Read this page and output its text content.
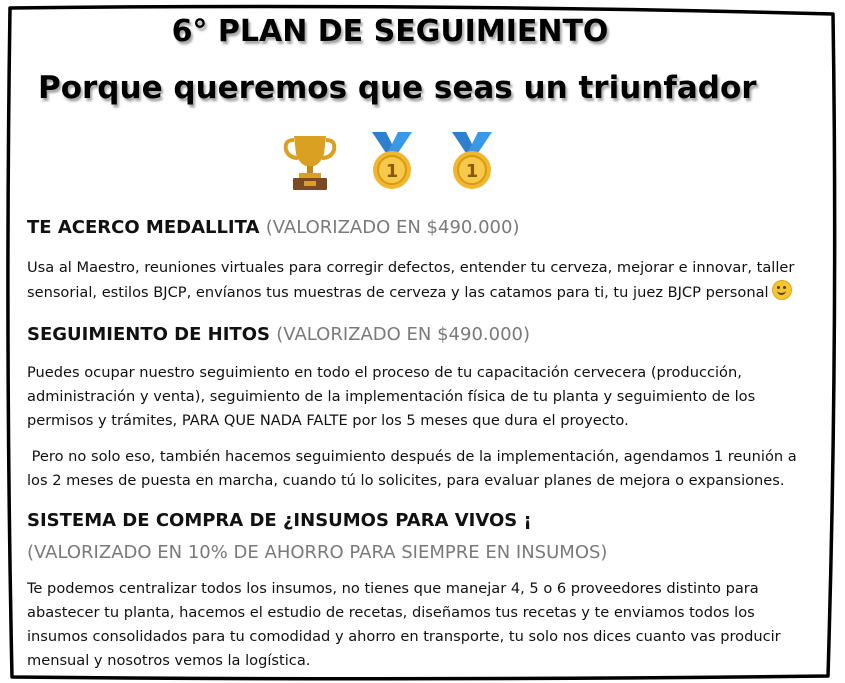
6° PLAN DE SEGUIMIENTO
Porque queremos que seas un triunfador
1	1

TE ACERCO MEDALLITA (VALORIZADO EN $490.000)

Usa al Maestro, reuniones virtuales para corregir defectos, entender tu cerveza, mejorar e innovar, taller sensorial, estilos BJCP, envíanos tus muestras de cerveza y las catamos para ti, tu juez BJCP personal

SEGUIMIENTO DE HITOS (VALORIZADO EN $490.000)

Puedes ocupar nuestro seguimiento en todo el proceso de tu capacitación cervecera (producción, administración y venta), seguimiento de la implementación física de tu planta y seguimiento de los permisos y trámites, PARA QUE NADA FALTE por los 5 meses que dura el proyecto.

Pero no solo eso, también hacemos seguimiento después de la implementación, agendamos 1 reunión a los 2 meses de puesta en marcha, cuando tú lo solicites, para evaluar planes de mejora o expansiones.

SISTEMA DE COMPRA DE ¿INSUMOS PARA VIVOS ¡

(VALORIZADO EN 10% DE AHORRO PARA SIEMPRE EN INSUMOS)

Te podemos centralizar todos los insumos, no tienes que manejar 4, 5 o 6 proveedores distinto para abastecer tu planta, hacemos el estudio de recetas, diseñamos tus recetas y te enviamos todos los insumos consolidados para tu comodidad y ahorro en transporte, tu solo nos dices cuanto vas producir mensual y nosotros vemos la logística.
